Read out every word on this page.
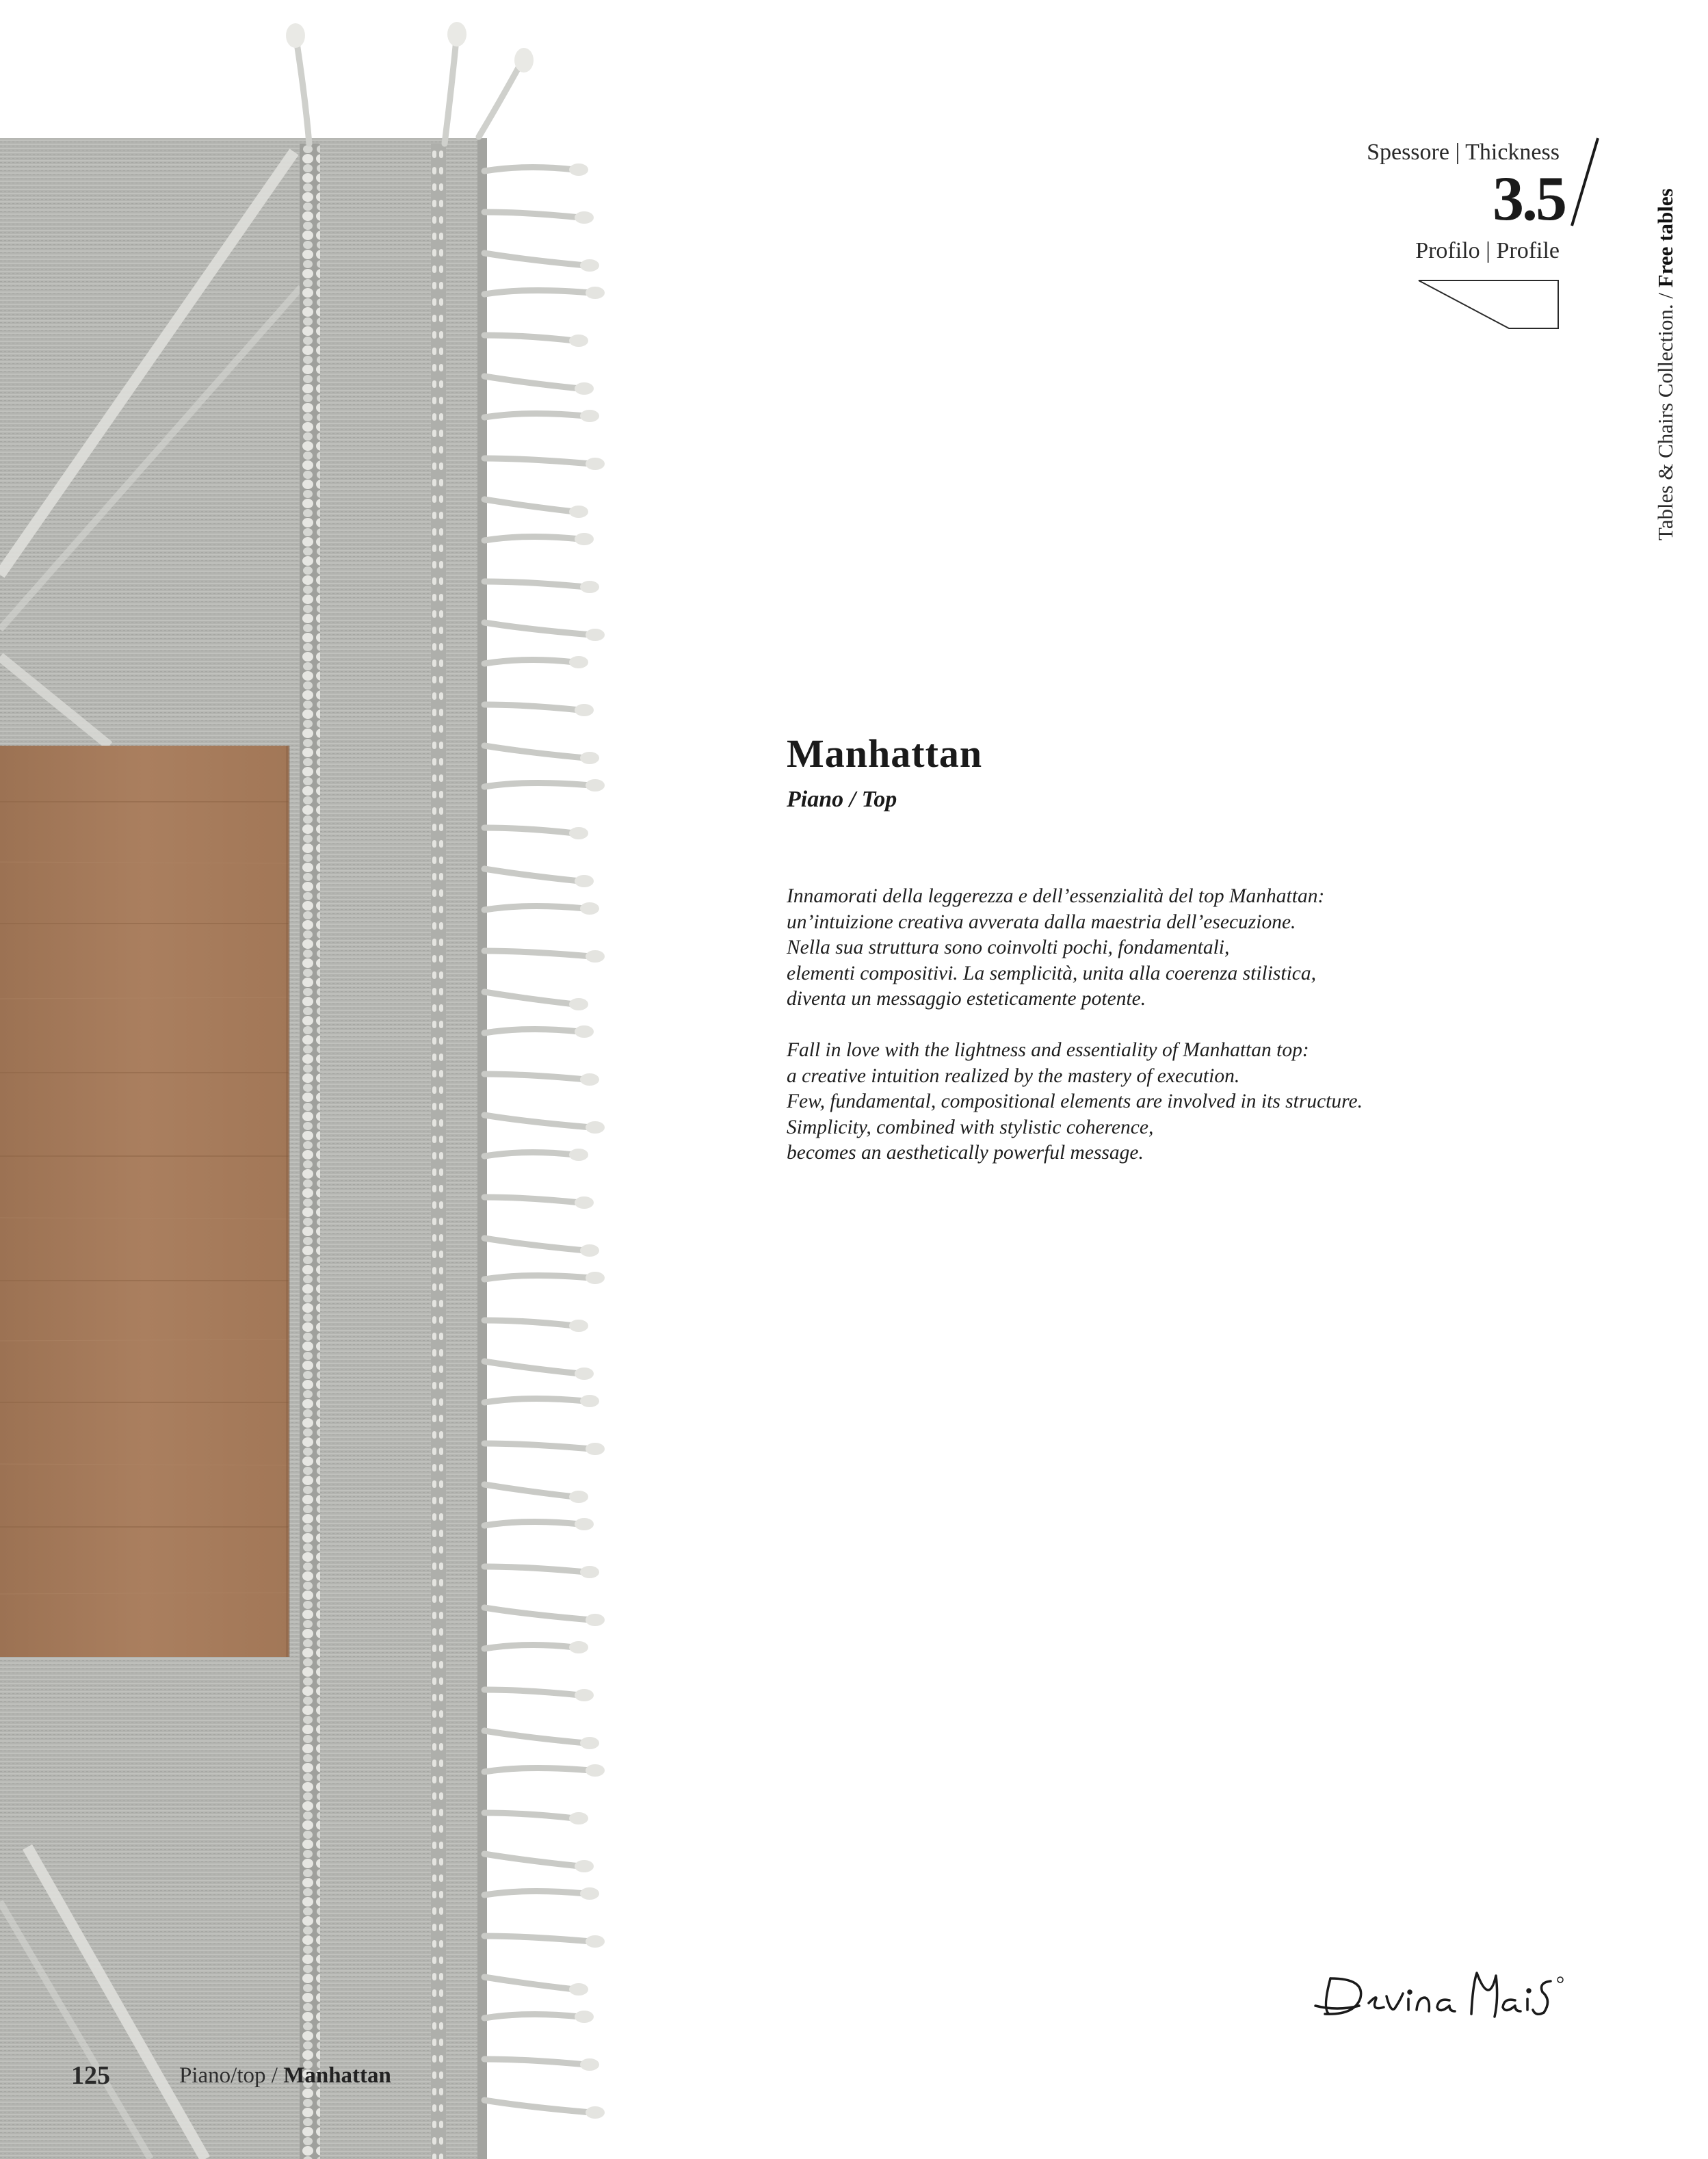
Spessore | Thickness
3.5
Profilo | Profile
Tables & Chairs Collection. / Free tables
Manhattan
Piano / Top
Innamorati della leggerezza e dell’essenzialità del top Manhattan:
un’intuizione creativa avverata dalla maestria dell’esecuzione.
Nella sua struttura sono coinvolti pochi, fondamentali,
elementi compositivi. La semplicità, unita alla coerenza stilistica,
diventa un messaggio esteticamente potente.
Fall in love with the lightness and essentiality of Manhattan top:
a creative intuition realized by the mastery of execution.
Few, fundamental, compositional elements are involved in its structure.
Simplicity, combined with stylistic coherence,
becomes an aesthetically powerful message.
125	Piano/top / Manhattan
